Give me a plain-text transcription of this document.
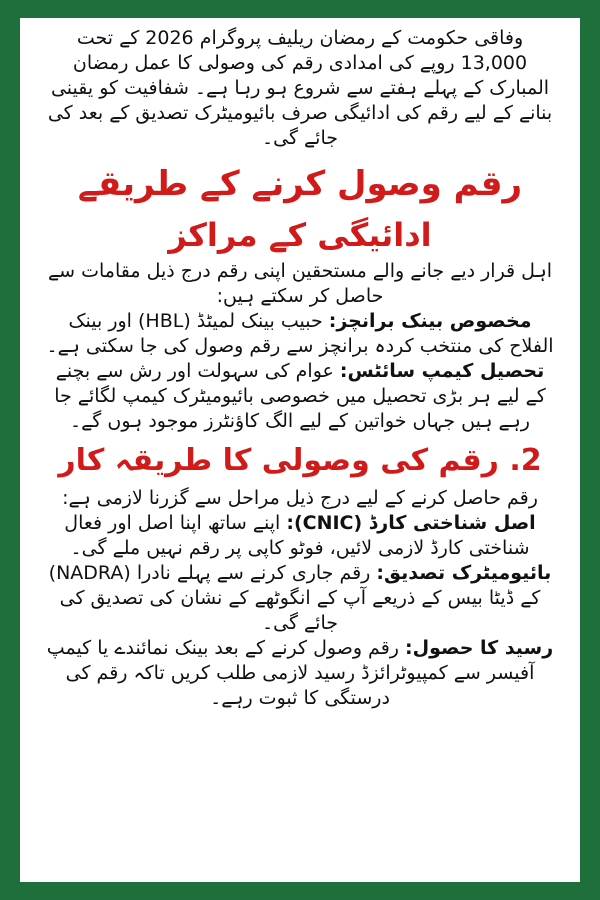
وفاقی حکومت کے رمضان ریلیف پروگرام 2026 کے تحت 13,000 روپے کی امدادی رقم کی وصولی کا عمل رمضان المبارک کے پہلے ہفتے سے شروع ہو رہا ہے۔ شفافیت کو یقینی بنانے کے لیے رقم کی ادائیگی صرف بائیومیٹرک تصدیق کے بعد کی جائے گی۔

رقم وصول کرنے کے طریقے
ادائیگی کے مراکز

اہل قرار دیے جانے والے مستحقین اپنی رقم درج ذیل مقامات سے حاصل کر سکتے ہیں:

مخصوص بینک برانچز: حبیب بینک لمیٹڈ (HBL) اور بینک الفلاح کی منتخب کردہ برانچز سے رقم وصول کی جا سکتی ہے۔

تحصیل کیمپ سائٹس: عوام کی سہولت اور رش سے بچنے کے لیے ہر بڑی تحصیل میں خصوصی بائیومیٹرک کیمپ لگائے جا رہے ہیں جہاں خواتین کے لیے الگ کاؤنٹرز موجود ہوں گے۔

2. رقم کی وصولی کا طریقہ کار

رقم حاصل کرنے کے لیے درج ذیل مراحل سے گزرنا لازمی ہے:

اصل شناختی کارڈ (CNIC): اپنے ساتھ اپنا اصل اور فعال شناختی کارڈ لازمی لائیں، فوٹو کاپی پر رقم نہیں ملے گی۔

بائیومیٹرک تصدیق: رقم جاری کرنے سے پہلے نادرا (NADRA) کے ڈیٹا بیس کے ذریعے آپ کے انگوٹھے کے نشان کی تصدیق کی جائے گی۔

رسید کا حصول: رقم وصول کرنے کے بعد بینک نمائندے یا کیمپ آفیسر سے کمپیوٹرائزڈ رسید لازمی طلب کریں تاکہ رقم کی درستگی کا ثبوت رہے۔
